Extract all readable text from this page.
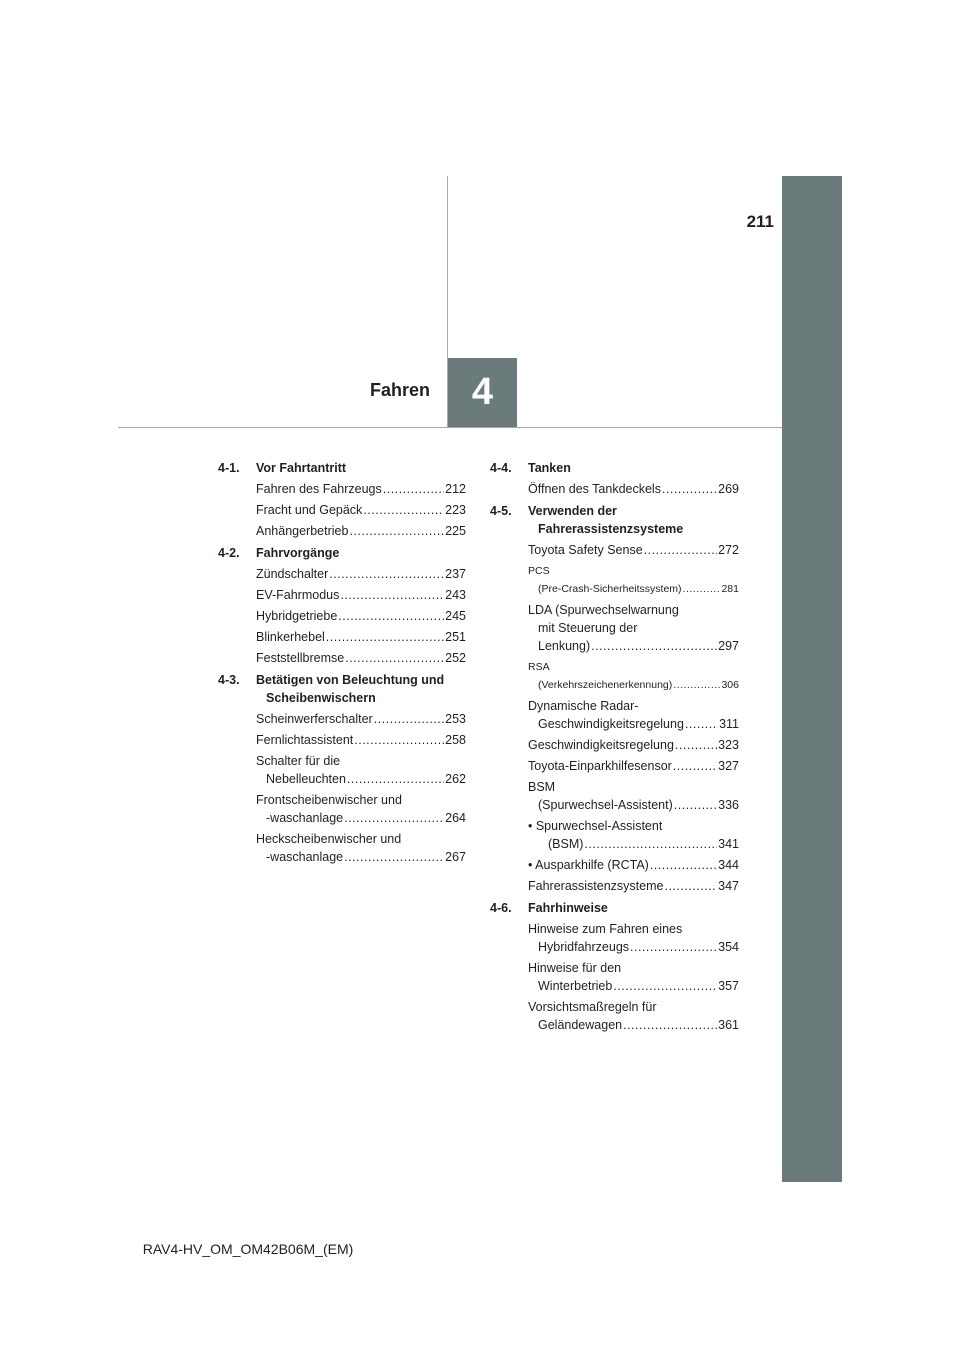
211
4
Fahren
4-1.	Vor Fahrtantritt
Fahren des Fahrzeugs .....	212
Fracht und Gepäck .....	223
Anhängerbetrieb .....	225
4-2.	Fahrvorgänge
Zündschalter .....	237
EV-Fahrmodus .....	243
Hybridgetriebe .....	245
Blinkerhebel .....	251
Feststellbremse .....	252
4-3.	Betätigen von Beleuchtung und

Scheibenwischern
Scheinwerferschalter .....	253
Fernlichtassistent .....	258
Schalter für die
Nebelleuchten .....	262
Frontscheibenwischer und
-waschanlage .....	264
Heckscheibenwischer und
-waschanlage .....	267
4-4.	Tanken
Öffnen des Tankdeckels .....	269
4-5.	Verwenden der

Fahrerassistenzsysteme
Toyota Safety Sense .....	272
PCS
(Pre-Crash-Sicherheitssystem) .....	281
LDA (Spurwechselwarnung
mit Steuerung der
Lenkung) .....	297
RSA
(Verkehrszeichenerkennung) .....	306
Dynamische Radar-
Geschwindigkeitsregelung .....	311
Geschwindigkeitsregelung .....	323
Toyota-Einparkhilfesensor .....	327
BSM
(Spurwechsel-Assistent) .....	336
• Spurwechsel-Assistent
(BSM) .....	341
• Ausparkhilfe (RCTA) .....	344
Fahrerassistenzsysteme .....	347
4-6.	Fahrhinweise
Hinweise zum Fahren eines
Hybridfahrzeugs .....	354
Hinweise für den
Winterbetrieb .....	357
Vorsichtsmaßregeln für
Geländewagen .....	361
RAV4-HV_OM_OM42B06M_(EM)
